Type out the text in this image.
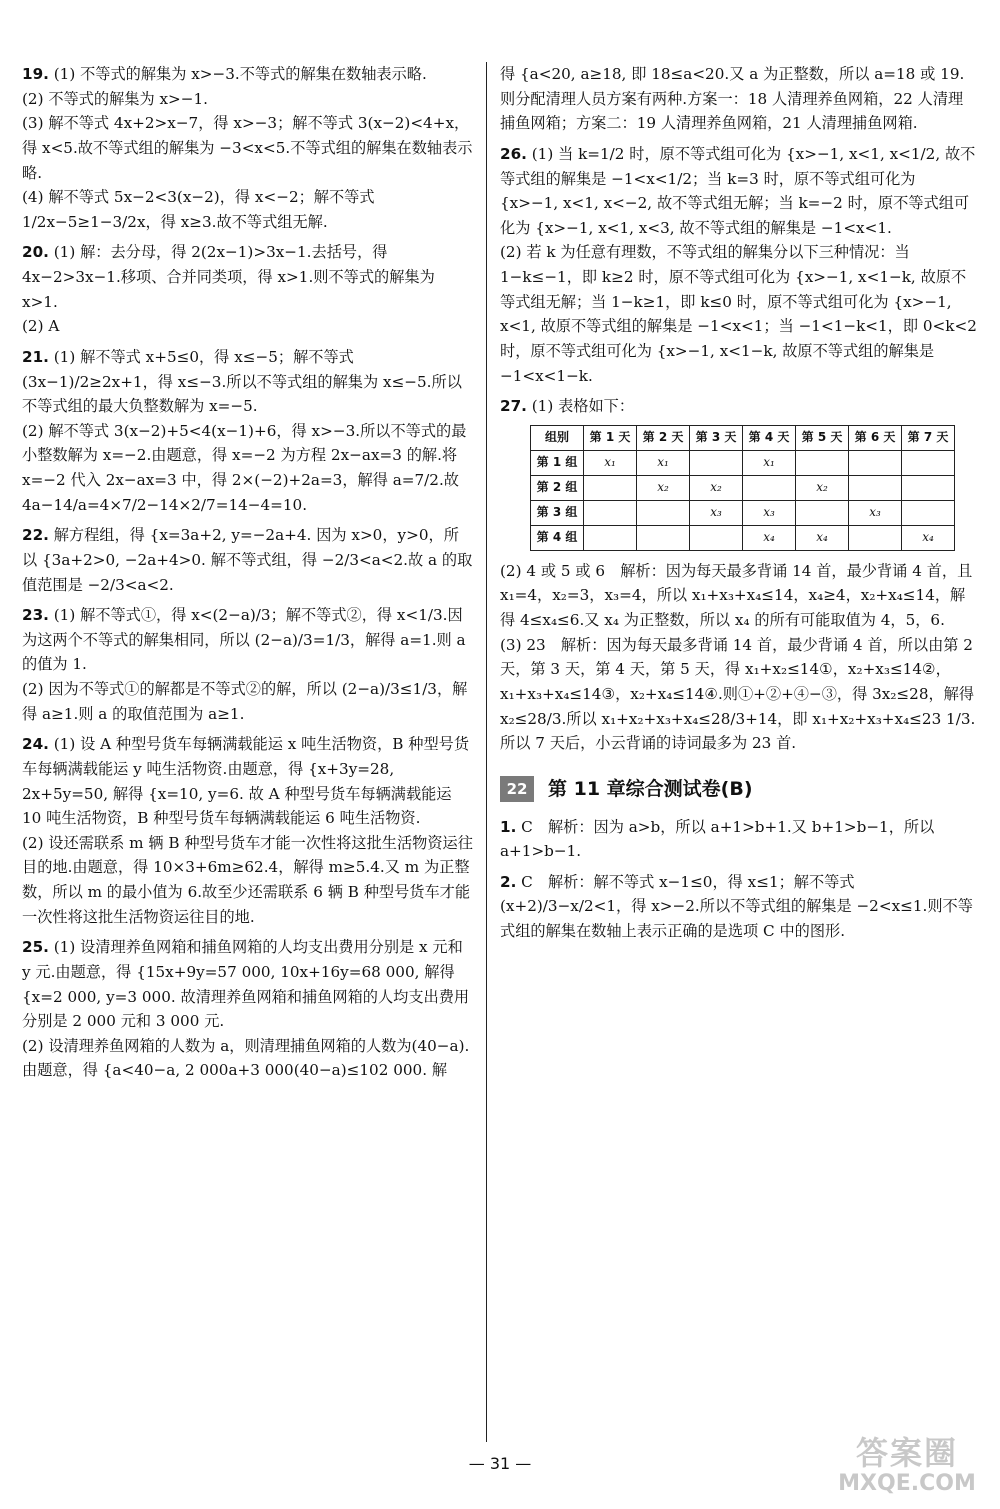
19. (1) 不等式的解集为 x>−3.不等式的解集在数轴表示略.
(2) 不等式的解集为 x>−1.
(3) 解不等式 4x+2>x−7，得 x>−3；解不等式 3(x−2)<4+x，得 x<5.故不等式组的解集为 −3<x<5.不等式组的解集在数轴表示略.
(4) 解不等式 5x−2<3(x−2)，得 x<−2；解不等式 1/2x−5≥1−3/2x，得 x≥3.故不等式组无解.
20. (1) 解：去分母，得 2(2x−1)>3x−1.去括号，得 4x−2>3x−1.移项、合并同类项，得 x>1.则不等式的解集为 x>1.
(2) A
21. (1) 解不等式 x+5≤0，得 x≤−5；解不等式 (3x−1)/2≥2x+1，得 x≤−3.所以不等式组的解集为 x≤−5.所以不等式组的最大负整数解为 x=−5.
(2) 解不等式 3(x−2)+5<4(x−1)+6，得 x>−3.所以不等式的最小整数解为 x=−2.由题意，得 x=−2 为方程 2x−ax=3 的解.将 x=−2 代入 2x−ax=3 中，得 2×(−2)+2a=3，解得 a=7/2.故 4a−14/a=4×7/2−14×2/7=14−4=10.
22. 解方程组，得 {x=3a+2, y=−2a+4. 因为 x>0，y>0，所以 {3a+2>0, −2a+4>0. 解不等式组，得 −2/3<a<2.故 a 的取值范围是 −2/3<a<2.
23. (1) 解不等式①，得 x<(2−a)/3；解不等式②，得 x<1/3.因为这两个不等式的解集相同，所以 (2−a)/3=1/3，解得 a=1.则 a 的值为 1.
(2) 因为不等式①的解都是不等式②的解，所以 (2−a)/3≤1/3，解得 a≥1.则 a 的取值范围为 a≥1.
24. (1) 设 A 种型号货车每辆满载能运 x 吨生活物资，B 种型号货车每辆满载能运 y 吨生活物资.由题意，得 {x+3y=28, 2x+5y=50, 解得 {x=10, y=6. 故 A 种型号货车每辆满载能运 10 吨生活物资，B 种型号货车每辆满载能运 6 吨生活物资.
(2) 设还需联系 m 辆 B 种型号货车才能一次性将这批生活物资运往目的地.由题意，得 10×3+6m≥62.4，解得 m≥5.4.又 m 为正整数，所以 m 的最小值为 6.故至少还需联系 6 辆 B 种型号货车才能一次性将这批生活物资运往目的地.
25. (1) 设清理养鱼网箱和捕鱼网箱的人均支出费用分别是 x 元和 y 元.由题意，得 {15x+9y=57 000, 10x+16y=68 000, 解得 {x=2 000, y=3 000. 故清理养鱼网箱和捕鱼网箱的人均支出费用分别是 2 000 元和 3 000 元.
(2) 设清理养鱼网箱的人数为 a，则清理捕鱼网箱的人数为(40−a).由题意，得 {a<40−a, 2 000a+3 000(40−a)≤102 000. 解
得 {a<20, a≥18, 即 18≤a<20.又 a 为正整数，所以 a=18 或 19.则分配清理人员方案有两种.方案一：18 人清理养鱼网箱，22 人清理捕鱼网箱；方案二：19 人清理养鱼网箱，21 人清理捕鱼网箱.
26. (1) 当 k=1/2 时，原不等式组可化为 {x>−1, x<1, x<1/2, 故不等式组的解集是 −1<x<1/2；当 k=3 时，原不等式组可化为 {x>−1, x<1, x<−2, 故不等式组无解；当 k=−2 时，原不等式组可化为 {x>−1, x<1, x<3, 故不等式组的解集是 −1<x<1.
(2) 若 k 为任意有理数，不等式组的解集分以下三种情况：当 1−k≤−1，即 k≥2 时，原不等式组可化为 {x>−1, x<1−k, 故原不等式组无解；当 1−k≥1，即 k≤0 时，原不等式组可化为 {x>−1, x<1, 故原不等式组的解集是 −1<x<1；当 −1<1−k<1，即 0<k<2 时，原不等式组可化为 {x>−1, x<1−k, 故原不等式组的解集是 −1<x<1−k.
27. (1) 表格如下：
组别	第 1 天	第 2 天	第 3 天	第 4 天	第 5 天	第 6 天	第 7 天
第 1 组	x₁	x₁		x₁			
第 2 组		x₂	x₂		x₂		
第 3 组			x₃	x₃		x₃	
第 4 组				x₄	x₄		x₄
(2) 4 或 5 或 6　解析：因为每天最多背诵 14 首，最少背诵 4 首，且 x₁=4，x₂=3，x₃=4，所以 x₁+x₃+x₄≤14，x₄≥4，x₂+x₄≤14，解得 4≤x₄≤6.又 x₄ 为正整数，所以 x₄ 的所有可能取值为 4，5，6.
(3) 23　解析：因为每天最多背诵 14 首，最少背诵 4 首，所以由第 2 天，第 3 天，第 4 天，第 5 天，得 x₁+x₂≤14①，x₂+x₃≤14②，x₁+x₃+x₄≤14③，x₂+x₄≤14④.则①+②+④−③，得 3x₂≤28，解得 x₂≤28/3.所以 x₁+x₂+x₃+x₄≤28/3+14，即 x₁+x₂+x₃+x₄≤23 1/3.所以 7 天后，小云背诵的诗词最多为 23 首.
22	第 11 章综合测试卷(B)
1. C　解析：因为 a>b，所以 a+1>b+1.又 b+1>b−1，所以 a+1>b−1.
2. C　解析：解不等式 x−1≤0，得 x≤1；解不等式 (x+2)/3−x/2<1，得 x>−2.所以不等式组的解集是 −2<x≤1.则不等式组的解集在数轴上表示正确的是选项 C 中的图形.
— 31 —	答案圈
MXQE.COM
